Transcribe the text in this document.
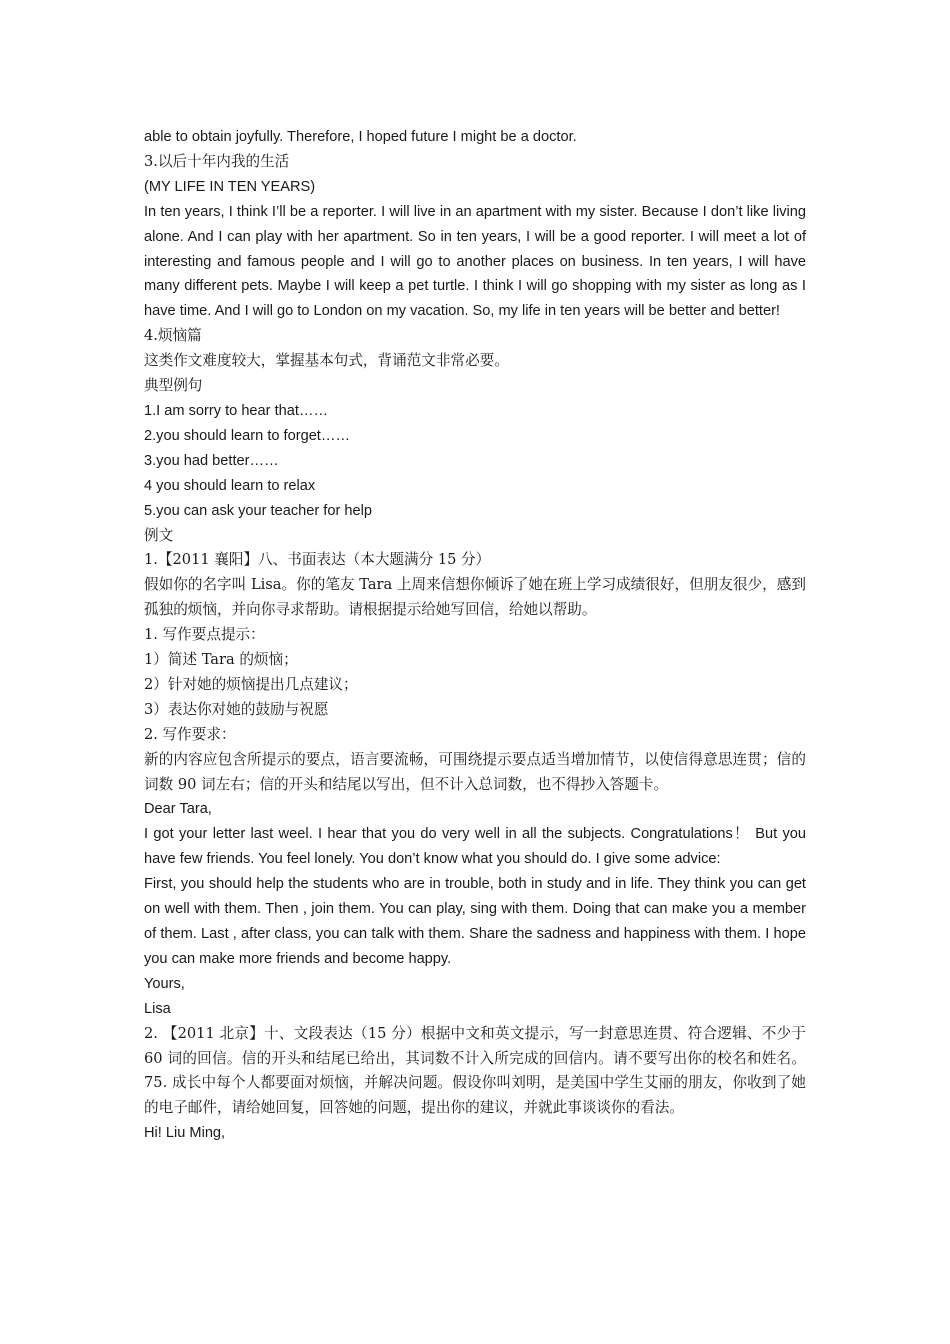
able to obtain joyfully. Therefore, I hoped future I might be a doctor.
3.以后十年内我的生活
(MY LIFE IN TEN YEARS)
In ten years, I think I’ll be a reporter. I will live in an apartment with my sister. Because I don’t like living alone. And I can play with her apartment. So in ten years, I will be a good reporter. I will meet a lot of interesting and famous people and I will go to another places on business. In ten years, I will have many different pets. Maybe I will keep a pet turtle. I think I will go shopping with my sister as long as I have time. And I will go to London on my vacation. So, my life in ten years will be better and better!
4.烦恼篇
这类作文难度较大，掌握基本句式，背诵范文非常必要。
典型例句
1.I am sorry to hear that……
2.you should learn to forget……
3.you had better……
4 you should learn to relax
5.you can ask your teacher for help
例文
1.【2011 襄阳】八、书面表达（本大题满分 15 分）
假如你的名字叫 Lisa。你的笔友 Tara 上周来信想你倾诉了她在班上学习成绩很好，但朋友很少，感到孤独的烦恼，并向你寻求帮助。请根据提示给她写回信，给她以帮助。
1. 写作要点提示：
1）简述 Tara 的烦恼；
2）针对她的烦恼提出几点建议；
3）表达你对她的鼓励与祝愿
2. 写作要求：
新的内容应包含所提示的要点，语言要流畅，可围绕提示要点适当增加情节，以使信得意思连贯；信的词数 90 词左右；信的开头和结尾以写出，但不计入总词数，也不得抄入答题卡。
Dear Tara,
I got your letter last weel. I hear that you do very well in all the subjects. Congratulations！ But you have few friends. You feel lonely. You don’t know what you should do. I give some advice:
First, you should help the students who are in trouble, both in study and in life. They think you can get on well with them. Then , join them. You can play, sing with them. Doing that can make you a member of them. Last , after class, you can talk with them. Share the sadness and happiness with them. I hope you can make more friends and become happy.
Yours,
Lisa
2. 【2011 北京】十、文段表达（15 分）根据中文和英文提示，写一封意思连贯、符合逻辑、不少于 60 词的回信。信的开头和结尾已给出，其词数不计入所完成的回信内。请不要写出你的校名和姓名。75. 成长中每个人都要面对烦恼，并解决问题。假设你叫刘明，是美国中学生艾丽的朋友，你收到了她的电子邮件，请给她回复，回答她的问题，提出你的建议，并就此事谈谈你的看法。
Hi! Liu Ming,
